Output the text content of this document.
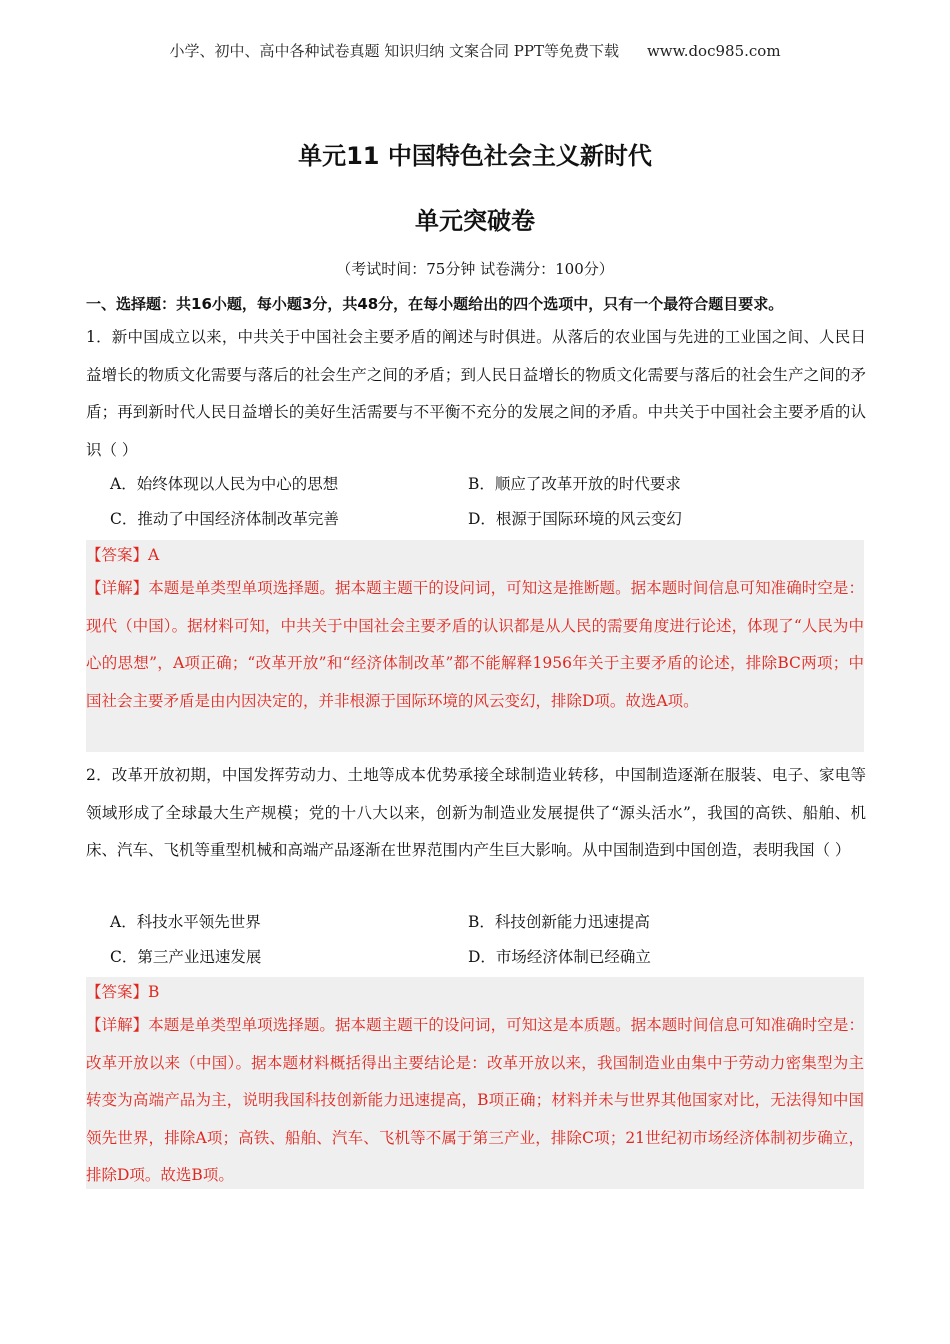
小学、初中、高中各种试卷真题 知识归纳 文案合同 PPT等免费下载 www.doc985.com
单元11 中国特色社会主义新时代
单元突破卷
（考试时间：75分钟 试卷满分：100分）
一、选择题：共16小题，每小题3分，共48分，在每小题给出的四个选项中，只有一个最符合题目要求。
1．新中国成立以来，中共关于中国社会主要矛盾的阐述与时俱进。从落后的农业国与先进的工业国之间、人民日益增长的物质文化需要与落后的社会生产之间的矛盾；到人民日益增长的物质文化需要与落后的社会生产之间的矛盾；再到新时代人民日益增长的美好生活需要与不平衡不充分的发展之间的矛盾。中共关于中国社会主要矛盾的认识（ ）
A．始终体现以人民为中心的思想	B．顺应了改革开放的时代要求
C．推动了中国经济体制改革完善	D．根源于国际环境的风云变幻
【答案】A
【详解】本题是单类型单项选择题。据本题主题干的设问词，可知这是推断题。据本题时间信息可知准确时空是：现代（中国）。据材料可知，中共关于中国社会主要矛盾的认识都是从人民的需要角度进行论述，体现了“人民为中心的思想”，A项正确；“改革开放”和“经济体制改革”都不能解释1956年关于主要矛盾的论述，排除BC两项；中国社会主要矛盾是由内因决定的，并非根源于国际环境的风云变幻，排除D项。故选A项。
2．改革开放初期，中国发挥劳动力、土地等成本优势承接全球制造业转移，中国制造逐渐在服装、电子、家电等领域形成了全球最大生产规模；党的十八大以来，创新为制造业发展提供了“源头活水”，我国的高铁、船舶、机床、汽车、飞机等重型机械和高端产品逐渐在世界范围内产生巨大影响。从中国制造到中国创造，表明我国（ ）
A．科技水平领先世界	B．科技创新能力迅速提高
C．第三产业迅速发展	D．市场经济体制已经确立
【答案】B
【详解】本题是单类型单项选择题。据本题主题干的设问词，可知这是本质题。据本题时间信息可知准确时空是：改革开放以来（中国）。据本题材料概括得出主要结论是：改革开放以来，我国制造业由集中于劳动力密集型为主转变为高端产品为主，说明我国科技创新能力迅速提高，B项正确；材料并未与世界其他国家对比，无法得知中国领先世界，排除A项；高铁、船舶、汽车、飞机等不属于第三产业，排除C项；21世纪初市场经济体制初步确立，排除D项。故选B项。
